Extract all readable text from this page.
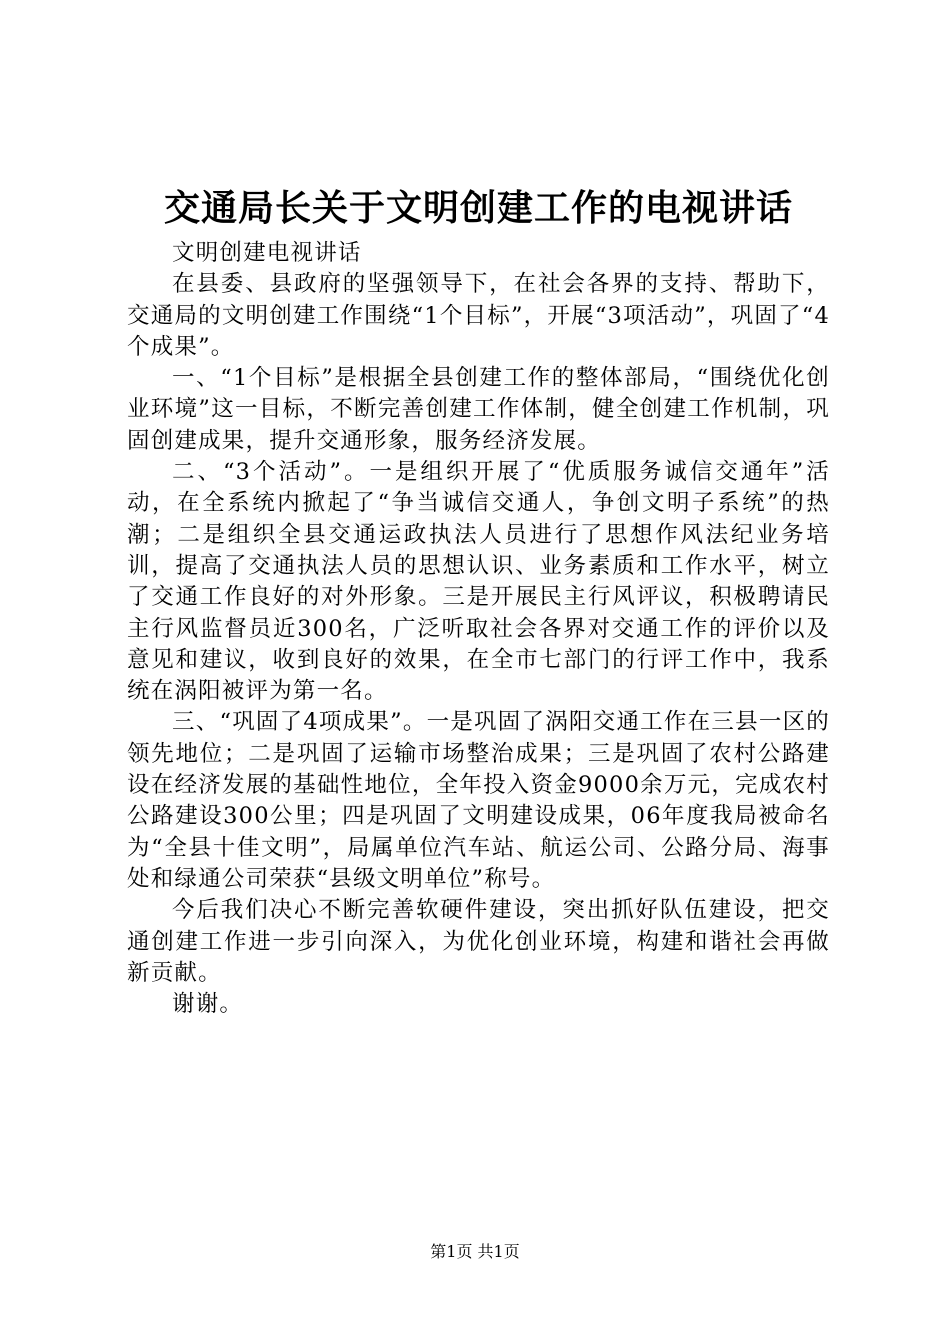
交通局长关于文明创建工作的电视讲话

文明创建电视讲话

在县委、县政府的坚强领导下，在社会各界的支持、帮助下，交通局的文明创建工作围绕“1个目标”，开展“3项活动”，巩固了“4个成果”。

一、“1个目标”是根据全县创建工作的整体部局，“围绕优化创业环境”这一目标，不断完善创建工作体制，健全创建工作机制，巩固创建成果，提升交通形象，服务经济发展。

二、“3个活动”。一是组织开展了“优质服务诚信交通年”活动，在全系统内掀起了“争当诚信交通人，争创文明子系统”的热潮；二是组织全县交通运政执法人员进行了思想作风法纪业务培训，提高了交通执法人员的思想认识、业务素质和工作水平，树立了交通工作良好的对外形象。三是开展民主行风评议，积极聘请民主行风监督员近300名，广泛听取社会各界对交通工作的评价以及意见和建议，收到良好的效果，在全市七部门的行评工作中，我系统在涡阳被评为第一名。

三、“巩固了4项成果”。一是巩固了涡阳交通工作在三县一区的领先地位；二是巩固了运输市场整治成果；三是巩固了农村公路建设在经济发展的基础性地位，全年投入资金9000余万元，完成农村公路建设300公里；四是巩固了文明建设成果，06年度我局被命名为“全县十佳文明”，局属单位汽车站、航运公司、公路分局、海事处和绿通公司荣获“县级文明单位”称号。

今后我们决心不断完善软硬件建设，突出抓好队伍建设，把交通创建工作进一步引向深入，为优化创业环境，构建和谐社会再做新贡献。

谢谢。

第1页 共1页
